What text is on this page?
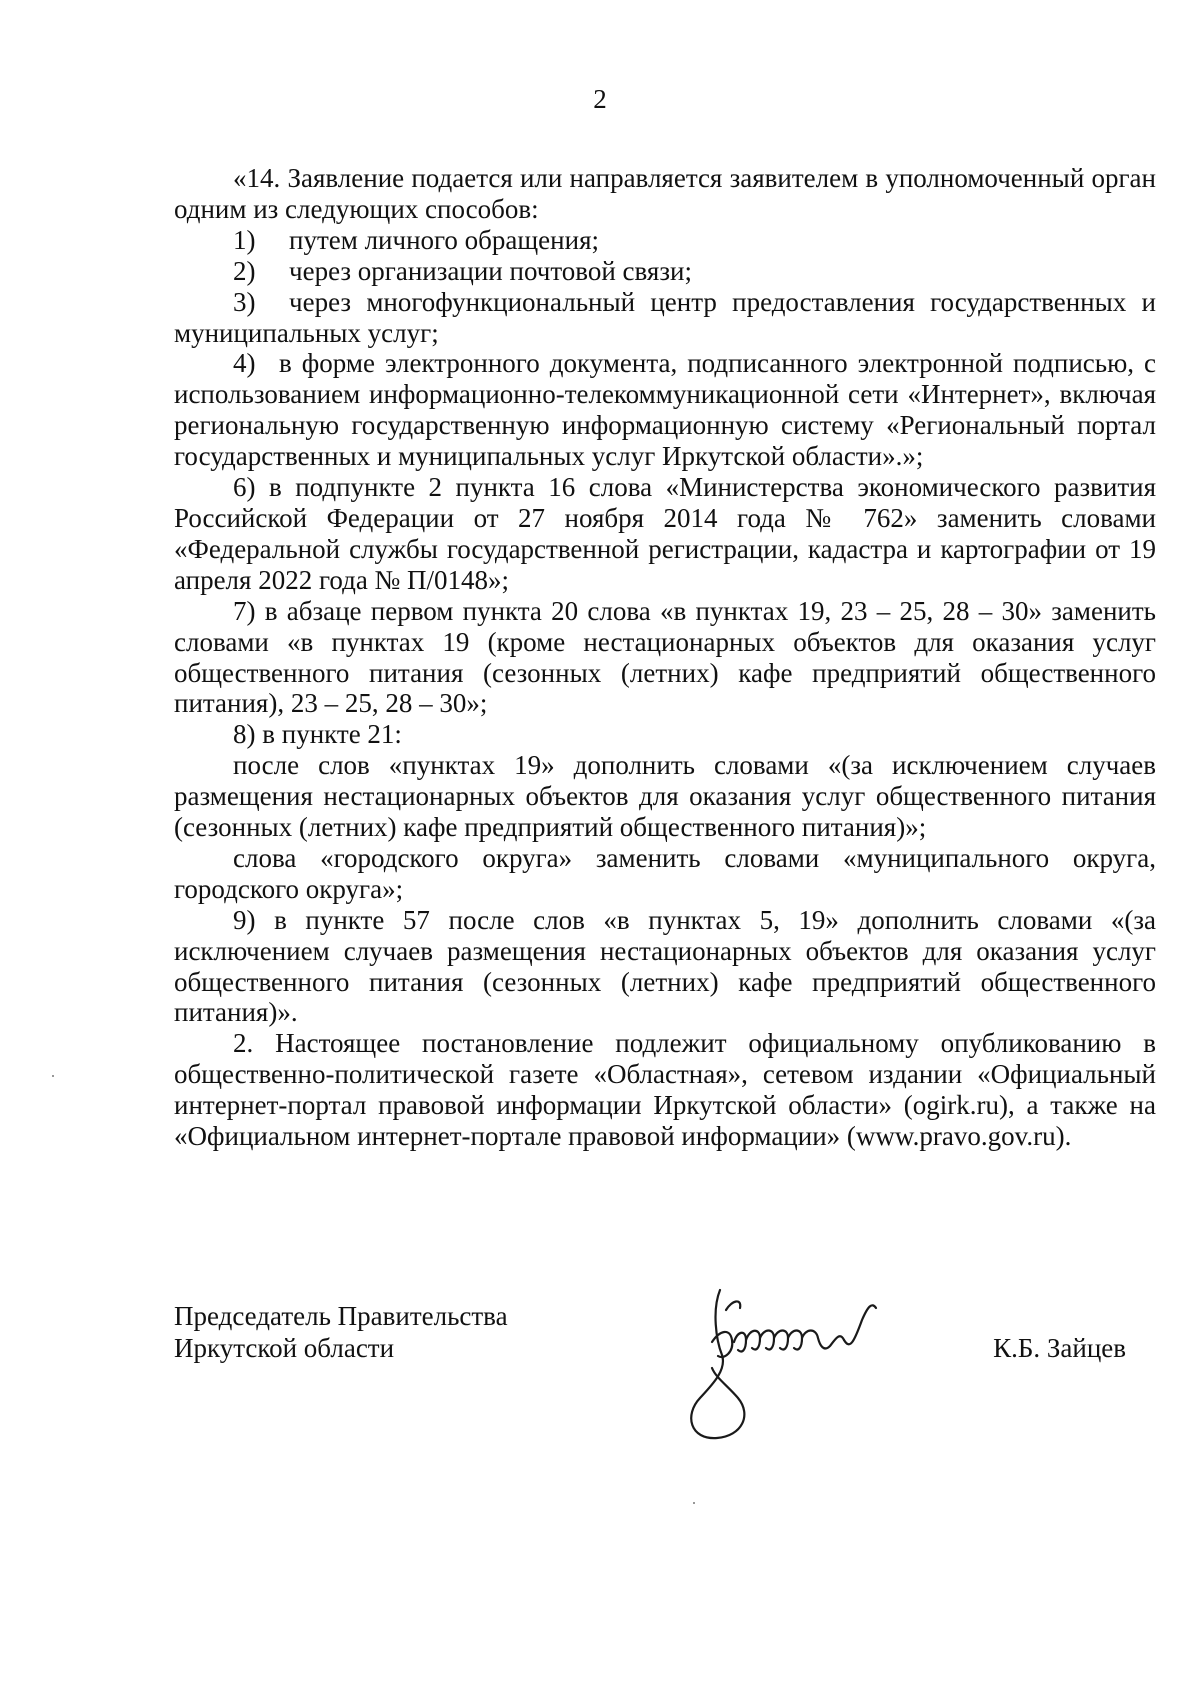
2

«14. Заявление подается или направляется заявителем в уполномоченный орган одним из следующих способов:

1) путем личного обращения;

2) через организации почтовой связи;

3) через многофункциональный центр предоставления государственных и муниципальных услуг;

4) в форме электронного документа, подписанного электронной подписью, с использованием информационно-телекоммуникационной сети «Интернет», включая региональную государственную информационную систему «Региональный портал государственных и муниципальных услуг Иркутской области».»;

6) в подпункте 2 пункта 16 слова «Министерства экономического развития Российской Федерации от 27 ноября 2014 года № 762» заменить словами «Федеральной службы государственной регистрации, кадастра и картографии от 19 апреля 2022 года № П/0148»;

7) в абзаце первом пункта 20 слова «в пунктах 19, 23 – 25, 28 – 30» заменить словами «в пунктах 19 (кроме нестационарных объектов для оказания услуг общественного питания (сезонных (летних) кафе предприятий общественного питания), 23 – 25, 28 – 30»;

8) в пункте 21:

после слов «пунктах 19» дополнить словами «(за исключением случаев размещения нестационарных объектов для оказания услуг общественного питания (сезонных (летних) кафе предприятий общественного питания)»;

слова «городского округа» заменить словами «муниципального округа, городского округа»;

9) в пункте 57 после слов «в пунктах 5, 19» дополнить словами «(за исключением случаев размещения нестационарных объектов для оказания услуг общественного питания (сезонных (летних) кафе предприятий общественного питания)».

2. Настоящее постановление подлежит официальному опубликованию в общественно-политической газете «Областная», сетевом издании «Официальный интернет-портал правовой информации Иркутской области» (ogirk.ru), а также на «Официальном интернет-портале правовой информации» (www.pravo.gov.ru).

Председатель Правительства
Иркутской области	К.Б. Зайцев
